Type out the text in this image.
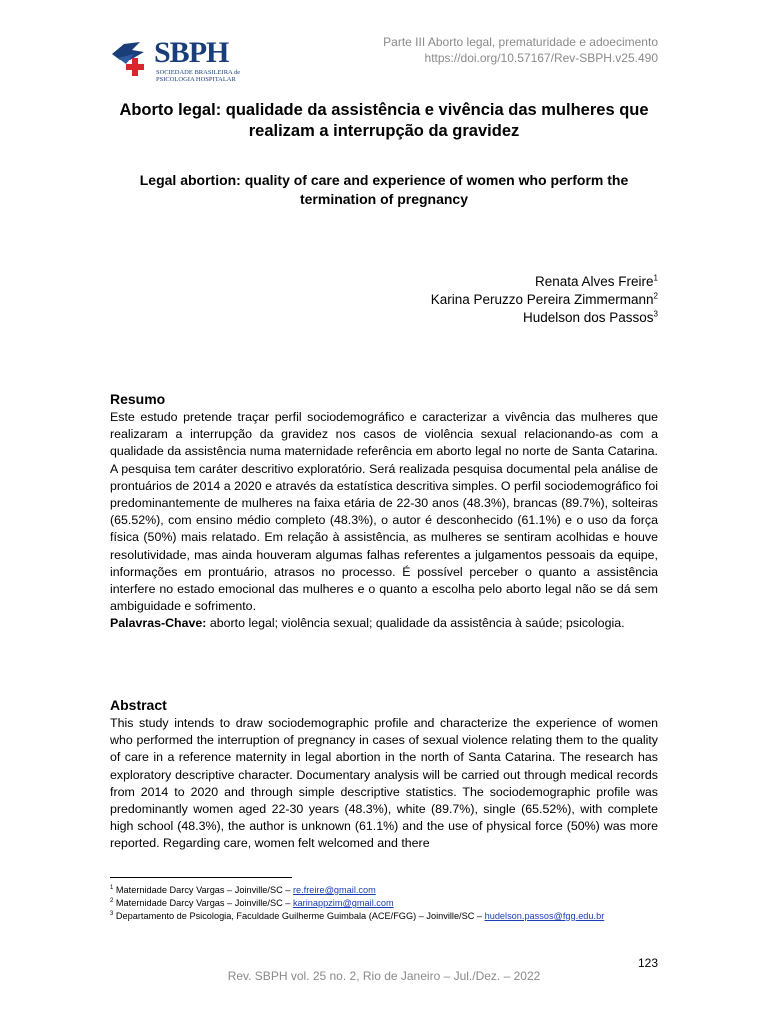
SBPH
SOCIEDADE BRASILEIRA de PSICOLOGIA HOSPITALAR
Parte III Aborto legal, prematuridade e adoecimento
https://doi.org/10.57167/Rev-SBPH.v25.490
Aborto legal: qualidade da assistência e vivência das mulheres que realizam a interrupção da gravidez
Legal abortion: quality of care and experience of women who perform the termination of pregnancy
Renata Alves Freire$^1$
Karina Peruzzo Pereira Zimmermann$^2$
Hudelson dos Passos$^3$
Resumo
Este estudo pretende traçar perfil sociodemográfico e caracterizar a vivência das mulheres que realizaram a interrupção da gravidez nos casos de violência sexual relacionando-as com a qualidade da assistência numa maternidade referência em aborto legal no norte de Santa Catarina. A pesquisa tem caráter descritivo exploratório. Será realizada pesquisa documental pela análise de prontuários de 2014 a 2020 e através da estatística descritiva simples. O perfil sociodemográfico foi predominantemente de mulheres na faixa etária de 22-30 anos (48.3%), brancas (89.7%), solteiras (65.52%), com ensino médio completo (48.3%), o autor é desconhecido (61.1%) e o uso da força física (50%) mais relatado. Em relação à assistência, as mulheres se sentiram acolhidas e houve resolutividade, mas ainda houveram algumas falhas referentes a julgamentos pessoais da equipe, informações em prontuário, atrasos no processo. É possível perceber o quanto a assistência interfere no estado emocional das mulheres e o quanto a escolha pelo aborto legal não se dá sem ambiguidade e sofrimento.
Palavras-Chave: aborto legal; violência sexual; qualidade da assistência à saúde; psicologia.
Abstract
This study intends to draw sociodemographic profile and characterize the experience of women who performed the interruption of pregnancy in cases of sexual violence relating them to the quality of care in a reference maternity in legal abortion in the north of Santa Catarina. The research has exploratory descriptive character. Documentary analysis will be carried out through medical records from 2014 to 2020 and through simple descriptive statistics. The sociodemographic profile was predominantly women aged 22-30 years (48.3%), white (89.7%), single (65.52%), with complete high school (48.3%), the author is unknown (61.1%) and the use of physical force (50%) was more reported. Regarding care, women felt welcomed and there
$^1$ Maternidade Darcy Vargas – Joinville/SC – re.freire@gmail.com
$^2$ Maternidade Darcy Vargas – Joinville/SC – karinappzim@gmail.com
$^3$ Departamento de Psicologia, Faculdade Guilherme Guimbala (ACE/FGG) – Joinville/SC – hudelson.passos@fgg.edu.br
123
Rev. SBPH vol. 25 no. 2, Rio de Janeiro – Jul./Dez. – 2022
